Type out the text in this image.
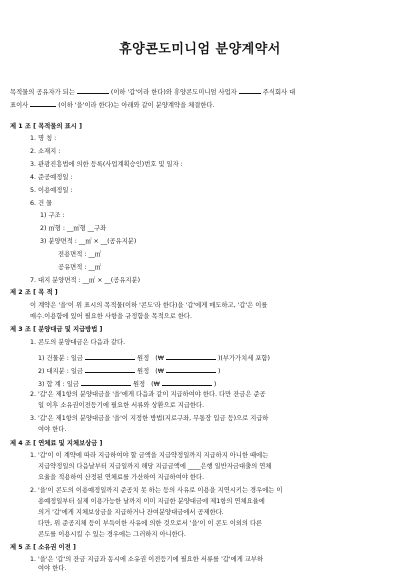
휴양콘도미니엄 분양계약서
목적물의 공유자가 되는	(이하 '갑'이라 한다)와 휴양콘도미니엄 사업자	주식회사 대
표이사	(이하 '을'이라 한다)는 아래와 같이 분양계약을 체결한다.
제 1 조 [ 목적물의 표시 ]
1. 명 칭 :
2. 소재지 :
3. 관광진흥법에 의한 등록(사업계획승인)번호 및 일자 :
4. 준공예정일 :
5. 이용예정일 :
6. 건 물
1) 구조 :
2) ㎡형 : __㎡형 __구좌
3) 분양면적 : __㎡ × __(공유지분)
전용면적 : __㎡
공유면적 : __㎡
7. 대지 분양면적 : __㎡ × __(공유지분)
제 2 조 [ 목 적 ]
이 계약은 '을'이 위 표시의 목적물(이하 '콘도'라 한다)을 '갑'에게 매도하고, '갑'은 이를
매수.이용함에 있어 필요한 사항을 규정함을 목적으로 한다.
제 3 조 [ 분양대금 및 지급방법 ]
1. 콘도의 분양대금은 다음과 같다.
1) 건물분 : 일금	원정 (₩	)(부가가치세 포함)
2) 대지분 : 일금	원정 (₩	)
3) 합 계 : 일금	원정 (₩	)
2. '갑'은 제1항의 분양대금을 '을'에게 다음과 같이 지급하여야 한다. 다만 잔금은 준공
일 이후 소유권이전등기에 필요한 서류와 상환으로 지급한다.
3. '갑'은 제1항의 분양대금을 '을'이 지정한 방법(지로구좌, 무통장 입금 등)으로 지급하
여야 한다.
제 4 조 [ 연체료 및 지체보상금 ]
1. '갑'이 이 계약에 따라 지급하여야 할 금액을 지급약정일까지 지급하지 아니한 때에는
지급약정일의 다음날부터 지급일까지 해당 지급금액에 ____은행 일반자금대출의 연체
요율을 적용하여 산정된 연체료를 가산하여 지급하여야 한다.
2. '을'이 콘도의 이용예정일까지 준공치 못 하는 등의 사유로 이용을 지연시키는 경우에는 이
용예정일부터 실제 이용가능한 날까지 이미 지급한 분양대금에 제1항의 연체요율에
의거 '갑'에게 지체보상금을 지급하거나 잔여분양대금에서 공제한다.
다만, 위 준공지체 등이 부득이한 사유에 의한 것으로서 '을'이 이 콘도 이외의 다른
콘도를 이용시킬 수 있는 경우에는 그러하지 아니한다.
제 5 조 [ 소유권 이전 ]
1. '을'은 '갑'의 잔금 지급과 동시에 소유권 이전등기에 필요한 서류를 '갑'에게 교부하
여야 한다.
